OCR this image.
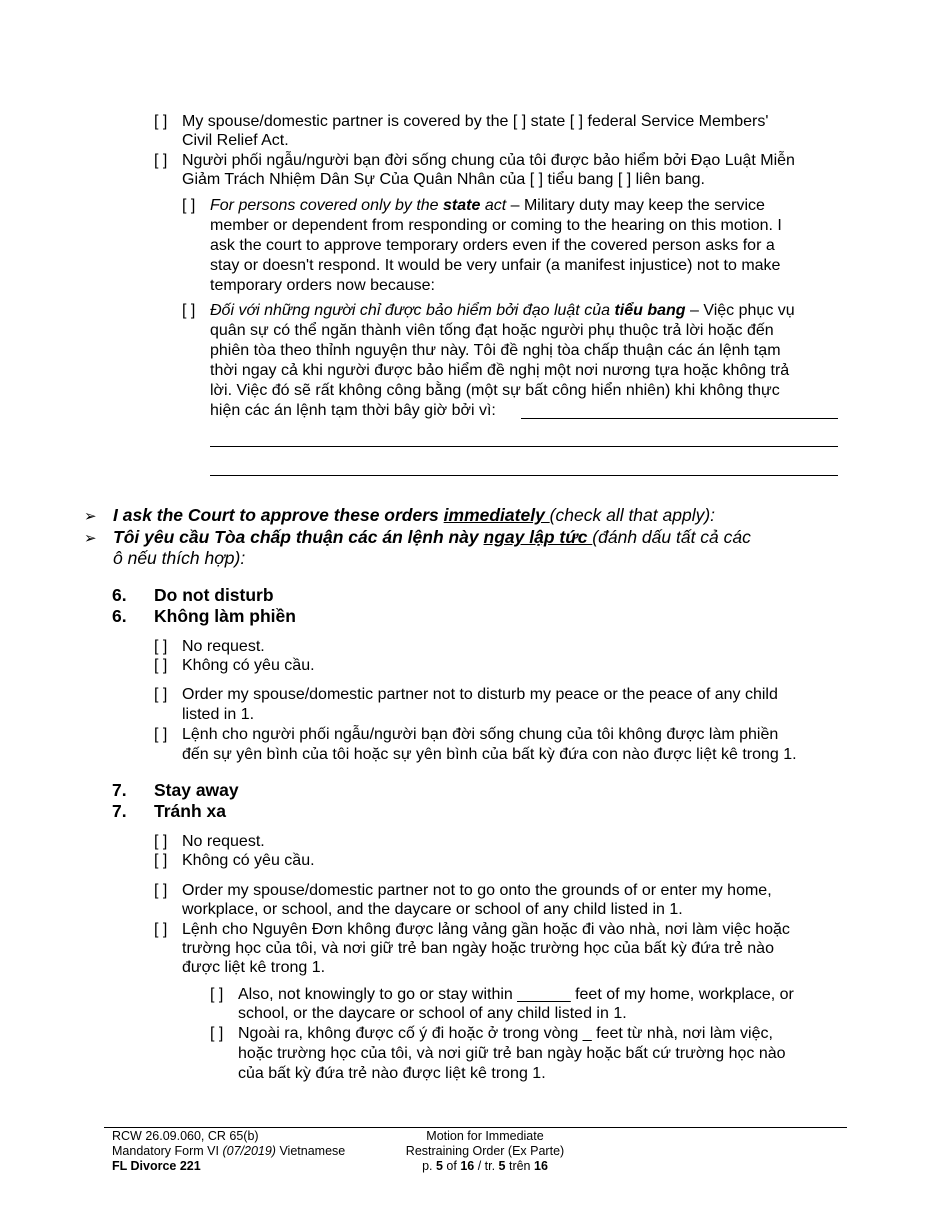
[ ] My spouse/domestic partner is covered by the [ ] state [ ] federal Service Members'
Civil Relief Act.
[ ] Người phối ngẫu/người bạn đời sống chung của tôi được bảo hiểm bởi Đạo Luật Miễn
Giảm Trách Nhiệm Dân Sự Của Quân Nhân của [ ] tiểu bang [ ] liên bang.
[ ] For persons covered only by the state act – Military duty may keep the service
member or dependent from responding or coming to the hearing on this motion. I
ask the court to approve temporary orders even if the covered person asks for a
stay or doesn't respond. It would be very unfair (a manifest injustice) not to make
temporary orders now because:
[ ] Đối với những người chỉ được bảo hiểm bởi đạo luật của tiểu bang – Việc phục vụ
quân sự có thể ngăn thành viên tống đạt hoặc người phụ thuộc trả lời hoặc đến
phiên tòa theo thỉnh nguyện thư này. Tôi đề nghị tòa chấp thuận các án lệnh tạm
thời ngay cả khi người được bảo hiểm đề nghị một nơi nương tựa hoặc không trả
lời. Việc đó sẽ rất không công bằng (một sự bất công hiển nhiên) khi không thực
hiện các án lệnh tạm thời bây giờ bởi vì:
➢ I ask the Court to approve these orders immediately (check all that apply):
➢ Tôi yêu cầu Tòa chấp thuận các án lệnh này ngay lập tức (đánh dấu tất cả các
ô nếu thích hợp):
6. Do not disturb
6. Không làm phiền
[ ] No request.
[ ] Không có yêu cầu.
[ ] Order my spouse/domestic partner not to disturb my peace or the peace of any child
listed in 1.
[ ] Lệnh cho người phối ngẫu/người bạn đời sống chung của tôi không được làm phiền
đến sự yên bình của tôi hoặc sự yên bình của bất kỳ đứa con nào được liệt kê trong 1.
7. Stay away
7. Tránh xa
[ ] No request.
[ ] Không có yêu cầu.
[ ] Order my spouse/domestic partner not to go onto the grounds of or enter my home,
workplace, or school, and the daycare or school of any child listed in 1.
[ ] Lệnh cho Nguyên Đơn không được lảng vảng gần hoặc đi vào nhà, nơi làm việc hoặc
trường học của tôi, và nơi giữ trẻ ban ngày hoặc trường học của bất kỳ đứa trẻ nào
được liệt kê trong 1.
[ ] Also, not knowingly to go or stay within ______ feet of my home, workplace, or
school, or the daycare or school of any child listed in 1.
[ ] Ngoài ra, không được cố ý đi hoặc ở trong vòng _ feet từ nhà, nơi làm việc,
hoặc trường học của tôi, và nơi giữ trẻ ban ngày hoặc bất cứ trường học nào
của bất kỳ đứa trẻ nào được liệt kê trong 1.
RCW 26.09.060, CR 65(b)
Mandatory Form VI (07/2019) Vietnamese
FL Divorce 221
Motion for Immediate
Restraining Order (Ex Parte)
p. 5 of 16 / tr. 5 trên 16
